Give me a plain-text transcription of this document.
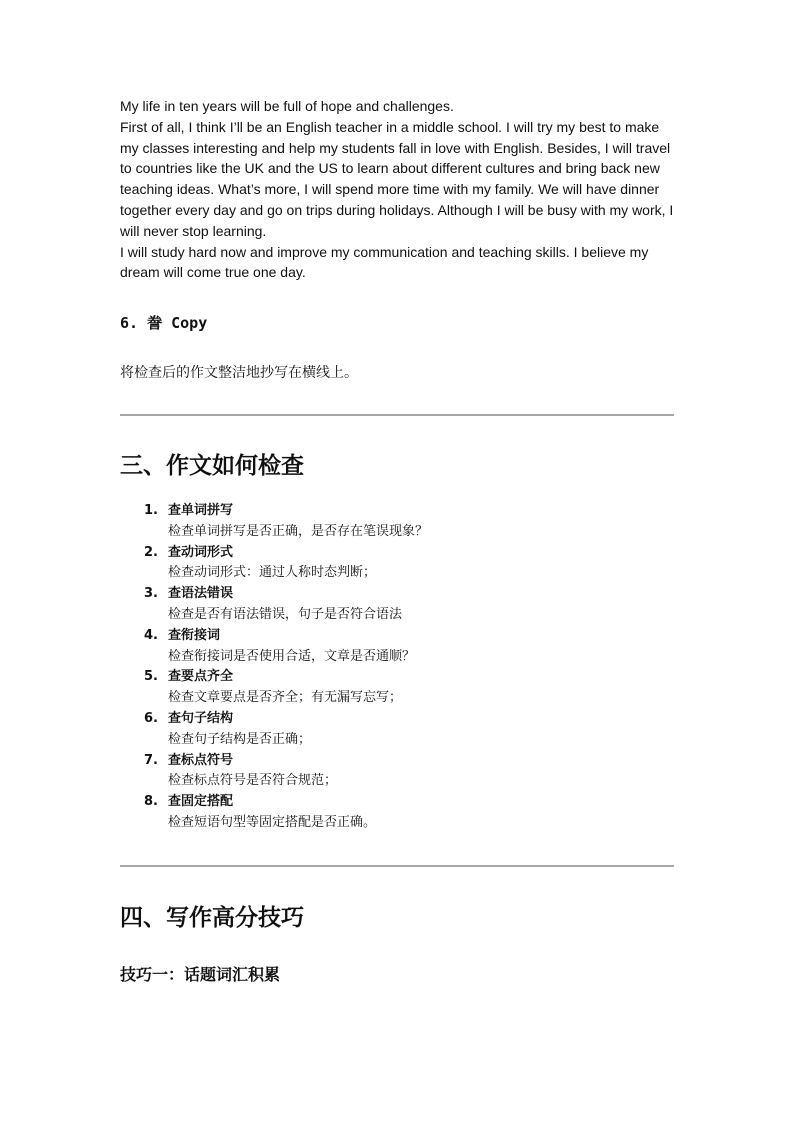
My life in ten years will be full of hope and challenges.

First of all, I think I’ll be an English teacher in a middle school. I will try my best to make my classes interesting and help my students fall in love with English. Besides, I will travel to countries like the UK and the US to learn about different cultures and bring back new teaching ideas. What’s more, I will spend more time with my family. We will have dinner together every day and go on trips during holidays. Although I will be busy with my work, I will never stop learning.

I will study hard now and improve my communication and teaching skills. I believe my dream will come true one day.

6. 誊 Copy
将检查后的作文整洁地抄写在横线上。
三、作文如何检查
1. 查单词拼写
检查单词拼写是否正确，是否存在笔误现象？
2. 查动词形式
检查动词形式：通过人称时态判断；
3. 查语法错误
检查是否有语法错误，句子是否符合语法
4. 查衔接词
检查衔接词是否使用合适，文章是否通顺？
5. 查要点齐全
检查文章要点是否齐全；有无漏写忘写；
6. 查句子结构
检查句子结构是否正确；
7. 查标点符号
检查标点符号是否符合规范；
8. 查固定搭配
检查短语句型等固定搭配是否正确。
四、写作高分技巧
技巧一：话题词汇积累
